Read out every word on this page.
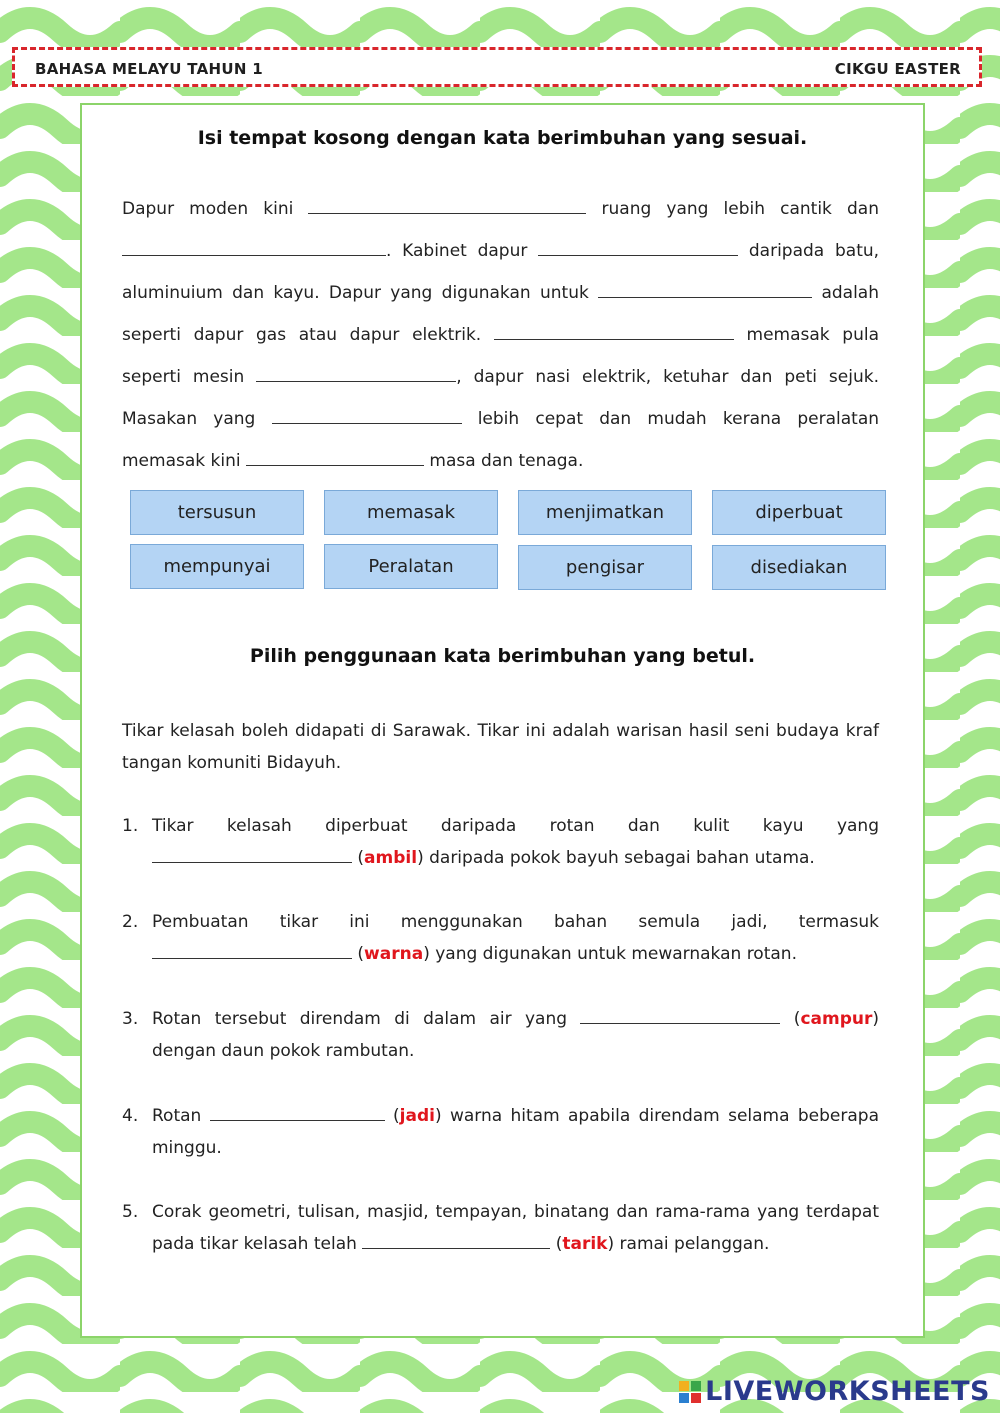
BAHASA MELAYU TAHUN 1	CIKGU EASTER
Isi tempat kosong dengan kata berimbuhan yang sesuai.
Dapur moden kini	ruang yang lebih cantik dan . Kabinet dapur	daripada batu, aluminuium dan kayu. Dapur yang digunakan untuk	adalah seperti dapur gas atau dapur elektrik.	memasak pula seperti mesin	, dapur nasi elektrik, ketuhar dan peti sejuk. Masakan yang	lebih cepat dan mudah kerana peralatan memasak kini	masa dan tenaga.
tersusun	memasak	menjimatkan	diperbuat
mempunyai	Peralatan	pengisar	disediakan
Pilih penggunaan kata berimbuhan yang betul.
Tikar kelasah boleh didapati di Sarawak. Tikar ini adalah warisan hasil seni budaya kraf tangan komuniti Bidayuh.
1. Tikar kelasah diperbuat daripada rotan dan kulit kayu yang
(ambil) daripada pokok bayuh sebagai bahan utama.
2. Pembuatan tikar ini menggunakan bahan semula jadi, termasuk
(warna) yang digunakan untuk mewarnakan rotan.
3. Rotan tersebut direndam di dalam air yang	(campur)
dengan daun pokok rambutan.
4. Rotan	(jadi) warna hitam apabila direndam selama beberapa minggu.
5. Corak geometri, tulisan, masjid, tempayan, binatang dan rama-rama yang terdapat pada tikar kelasah telah	(tarik) ramai pelanggan.
LIVEWORKSHEETS
